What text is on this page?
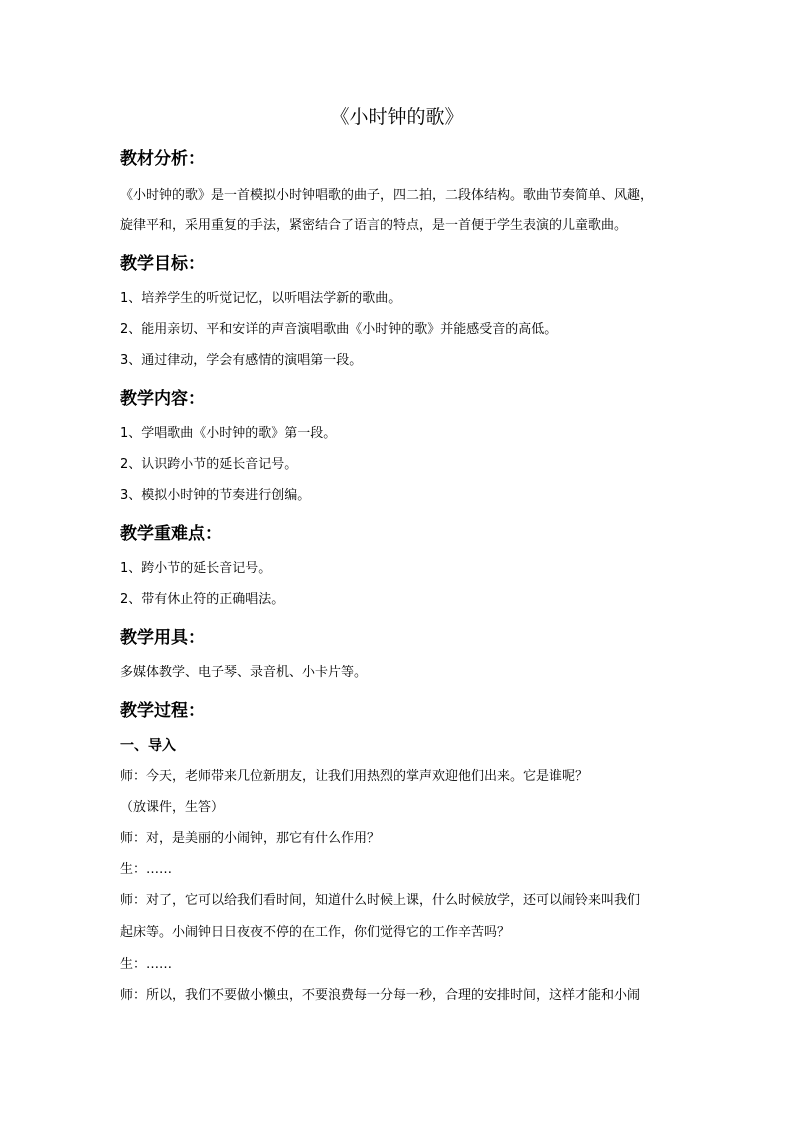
《小时钟的歌》
教材分析：

《小时钟的歌》是一首模拟小时钟唱歌的曲子，四二拍，二段体结构。歌曲节奏简单、风趣，

旋律平和，采用重复的手法，紧密结合了语言的特点，是一首便于学生表演的儿童歌曲。

教学目标：

1、培养学生的听觉记忆，以听唱法学新的歌曲。

2、能用亲切、平和安详的声音演唱歌曲《小时钟的歌》并能感受音的高低。

3、通过律动，学会有感情的演唱第一段。

教学内容：

1、学唱歌曲《小时钟的歌》第一段。

2、认识跨小节的延长音记号。

3、模拟小时钟的节奏进行创编。

教学重难点：

1、跨小节的延长音记号。

2、带有休止符的正确唱法。

教学用具：

多媒体教学、电子琴、录音机、小卡片等。

教学过程：
一、导入

师：今天，老师带来几位新朋友，让我们用热烈的掌声欢迎他们出来。它是谁呢？

（放课件，生答）

师：对，是美丽的小闹钟，那它有什么作用？

生：……

师：对了，它可以给我们看时间，知道什么时候上课，什么时候放学，还可以闹铃来叫我们

起床等。小闹钟日日夜夜不停的在工作，你们觉得它的工作辛苦吗？

生：……

师：所以，我们不要做小懒虫，不要浪费每一分每一秒，合理的安排时间，这样才能和小闹
